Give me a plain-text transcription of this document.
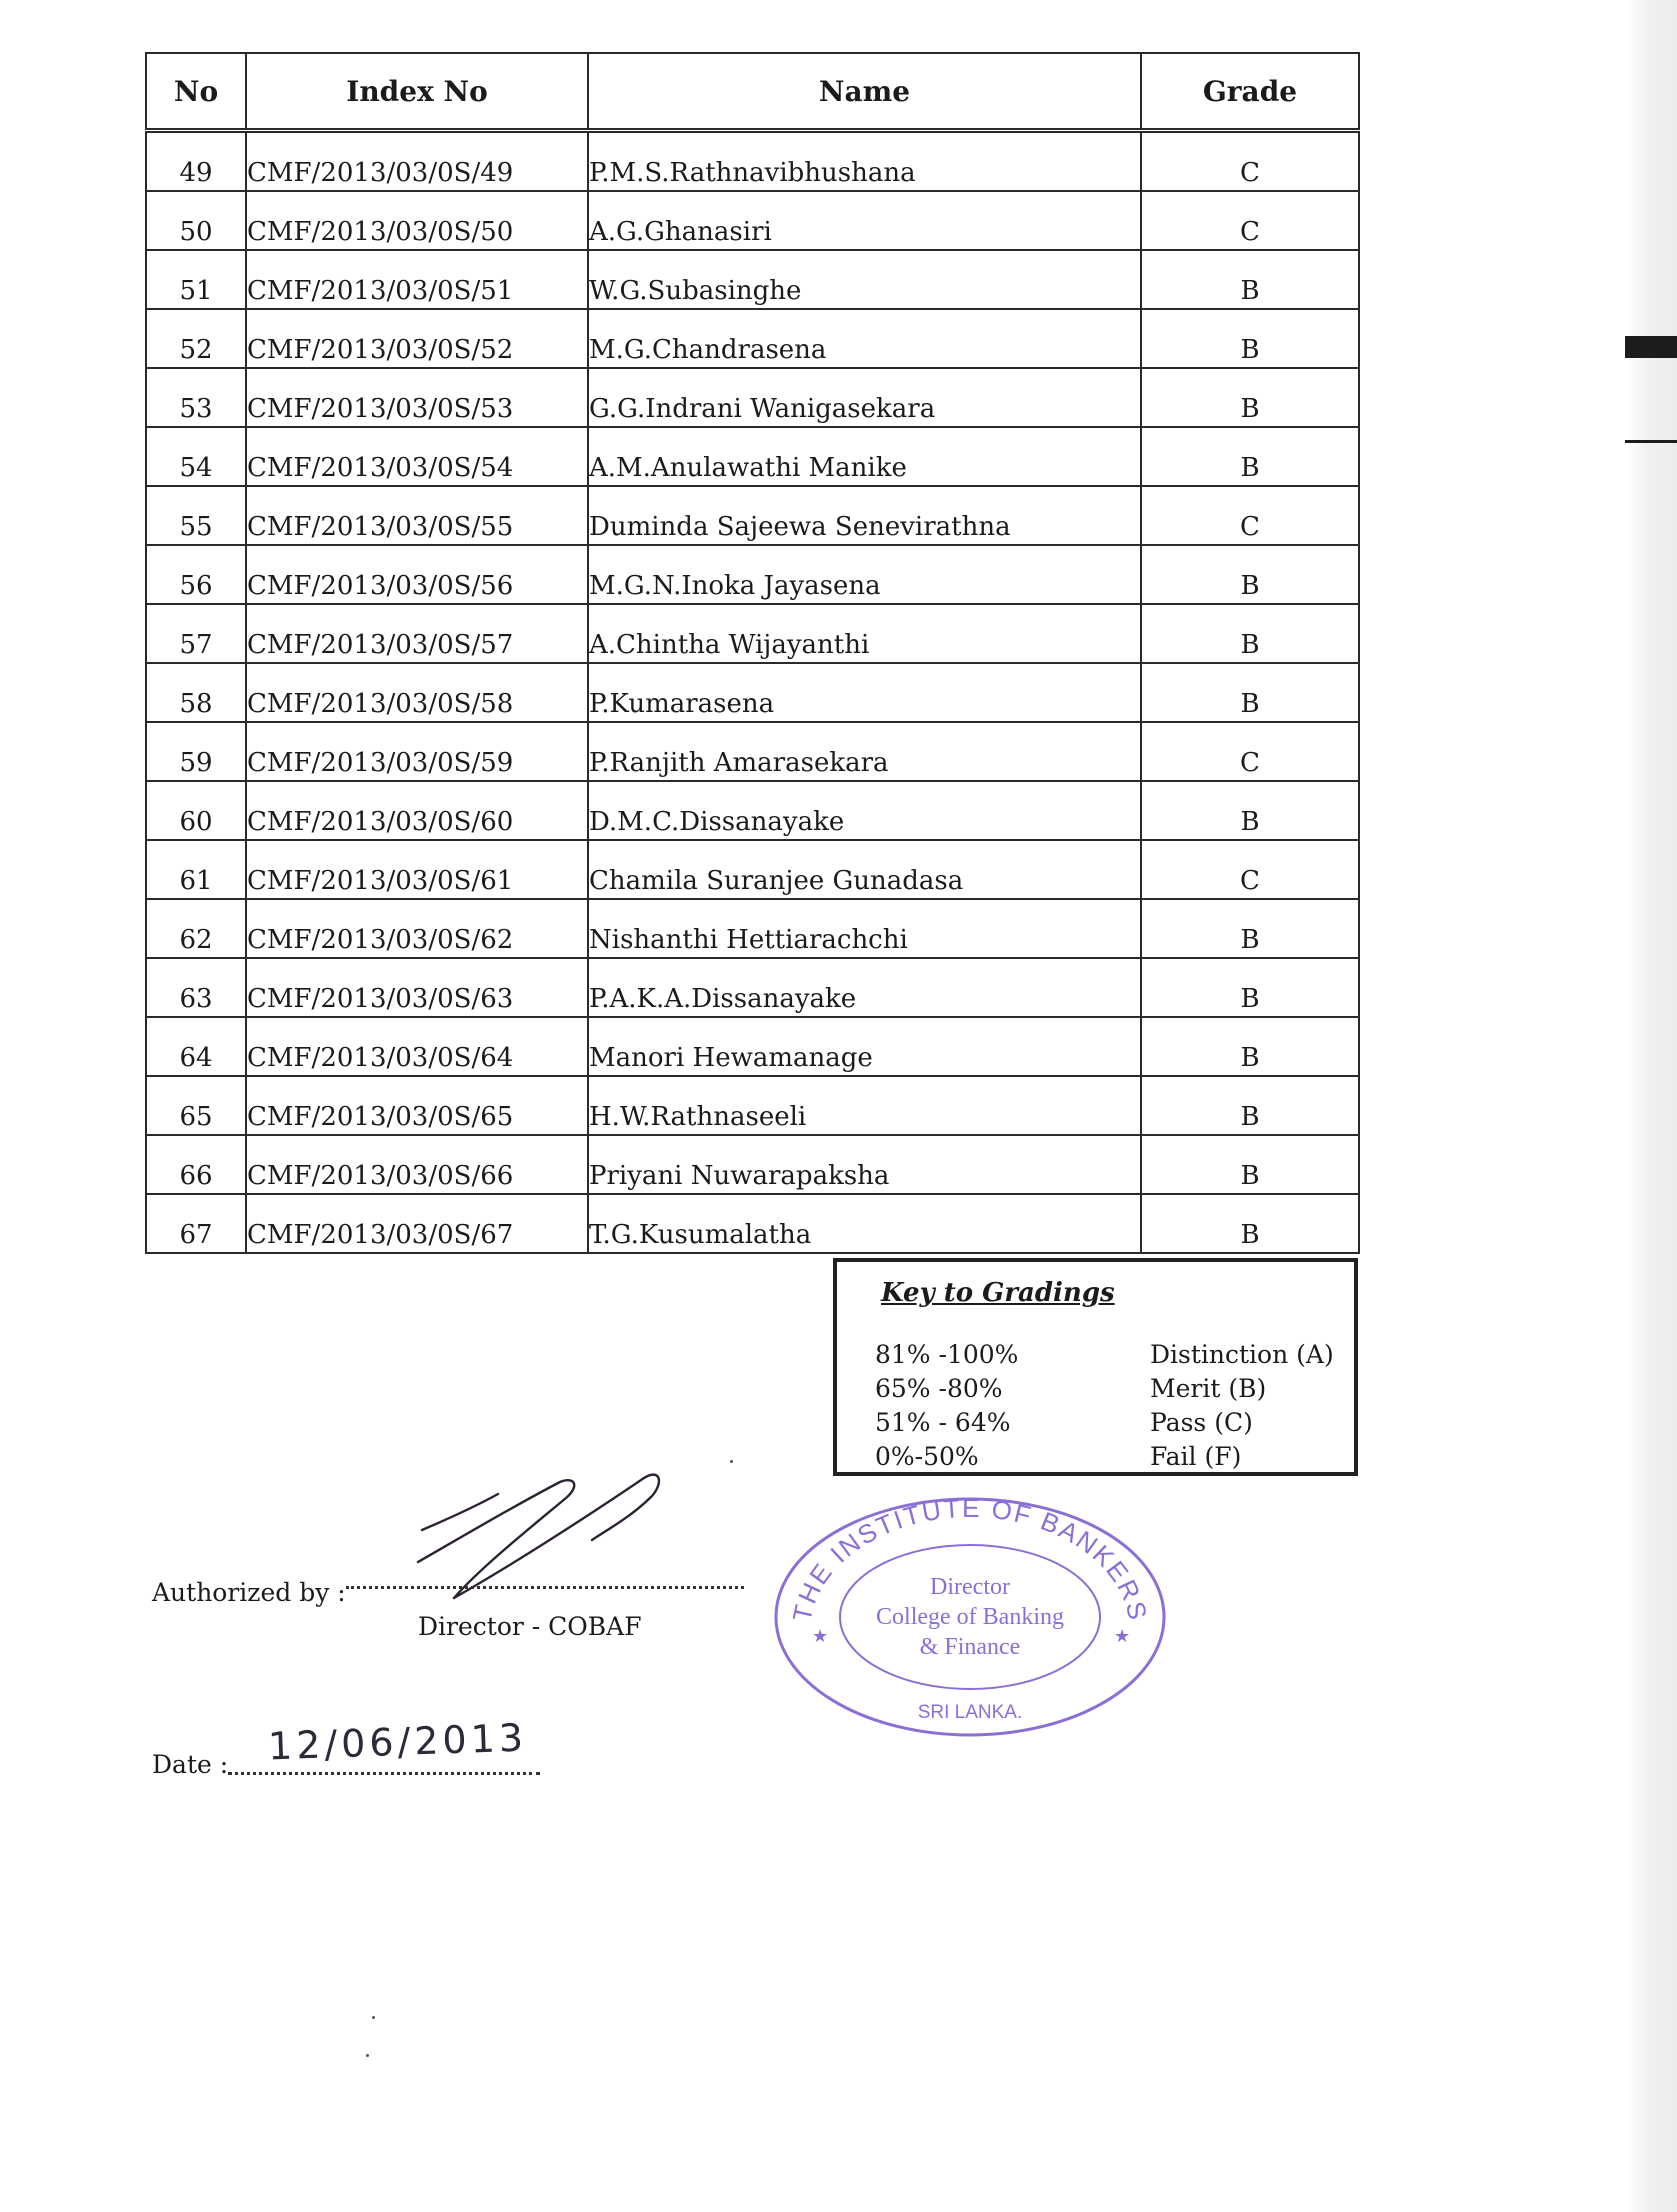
No	Index No	Name	Grade
49	CMF/2013/03/0S/49	P.M.S.Rathnavibhushana	C
50	CMF/2013/03/0S/50	A.G.Ghanasiri	C
51	CMF/2013/03/0S/51	W.G.Subasinghe	B
52	CMF/2013/03/0S/52	M.G.Chandrasena	B
53	CMF/2013/03/0S/53	G.G.Indrani Wanigasekara	B
54	CMF/2013/03/0S/54	A.M.Anulawathi Manike	B
55	CMF/2013/03/0S/55	Duminda Sajeewa Senevirathna	C
56	CMF/2013/03/0S/56	M.G.N.Inoka Jayasena	B
57	CMF/2013/03/0S/57	A.Chintha Wijayanthi	B
58	CMF/2013/03/0S/58	P.Kumarasena	B
59	CMF/2013/03/0S/59	P.Ranjith Amarasekara	C
60	CMF/2013/03/0S/60	D.M.C.Dissanayake	B
61	CMF/2013/03/0S/61	Chamila Suranjee Gunadasa	C
62	CMF/2013/03/0S/62	Nishanthi Hettiarachchi	B
63	CMF/2013/03/0S/63	P.A.K.A.Dissanayake	B
64	CMF/2013/03/0S/64	Manori Hewamanage	B
65	CMF/2013/03/0S/65	H.W.Rathnaseeli	B
66	CMF/2013/03/0S/66	Priyani Nuwarapaksha	B
67	CMF/2013/03/0S/67	T.G.Kusumalatha	B
Key to Gradings
81% -100%	Distinction (A)
65% -80%	Merit (B)
51% - 64%	Pass (C)
0%-50%	Fail (F)
Authorized by :
Director - COBAF
Date : 12/06/2013
THE INSTITUTE OF BANKERS
Director
College of Banking
& Finance
SRI LANKA.
★	★
